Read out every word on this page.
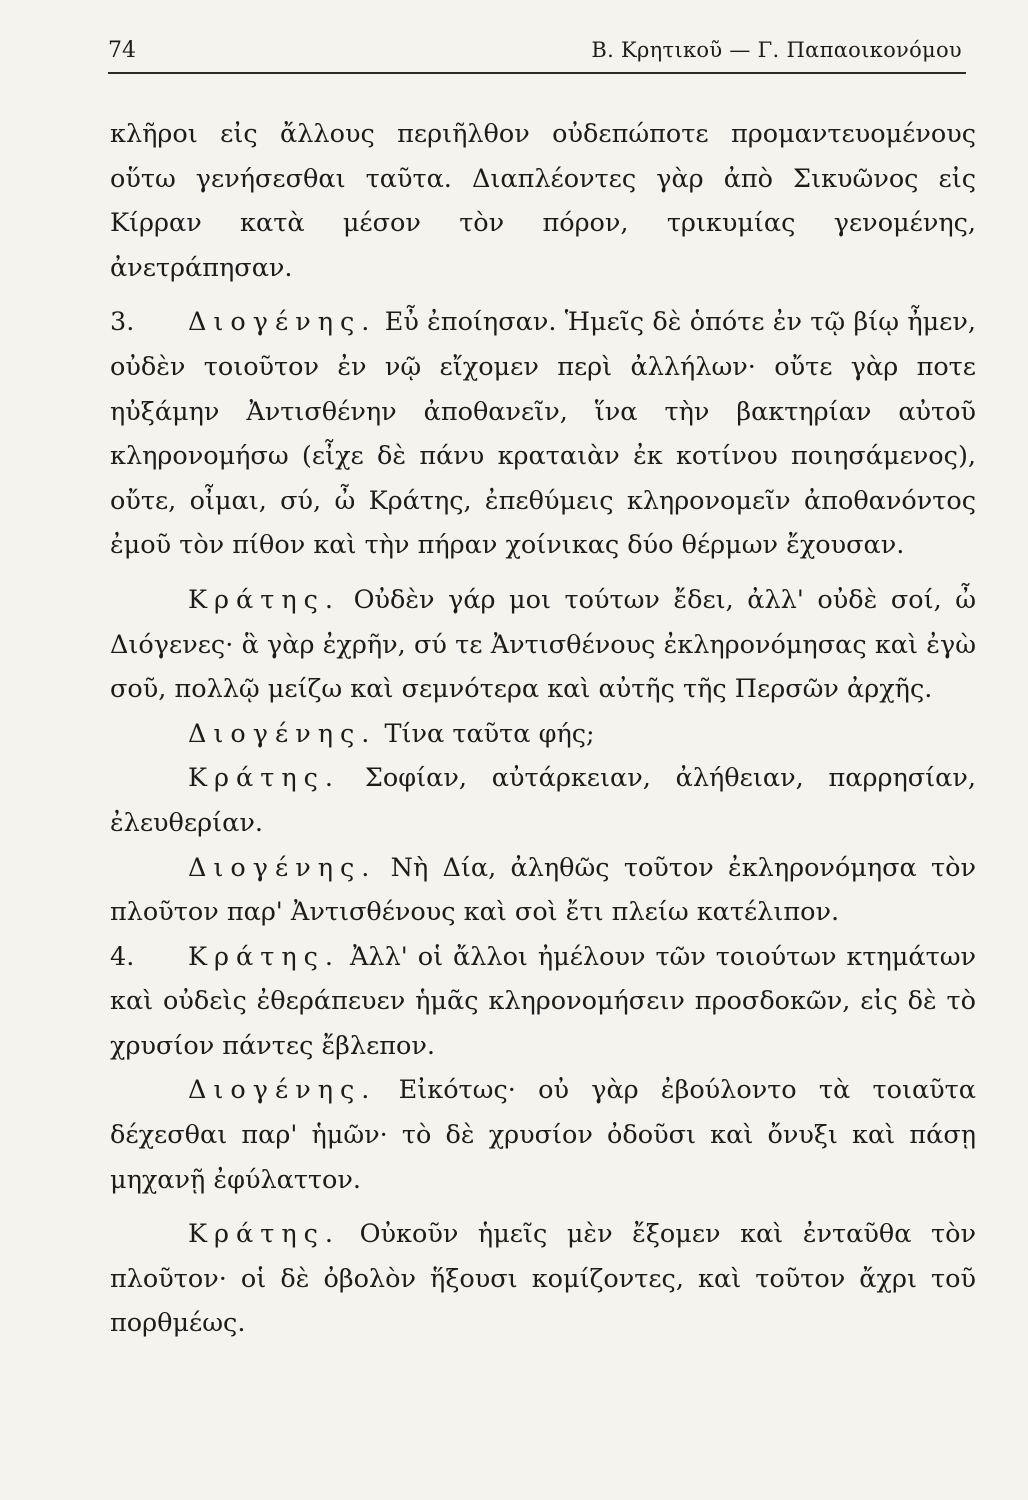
74	Β. Κρητικοῦ — Γ. Παπαοικονόμου

κλῆροι εἰς ἄλλους περιῆλθον οὐδεπώποτε προμαντευομένους οὕτω γενήσεσθαι ταῦτα. Διαπλέοντες γὰρ ἀπὸ Σικυῶνος εἰς Κίρραν κατὰ μέσον τὸν πόρον, τρικυμίας γενομένης, ἀνετράπησαν.

3. Διογένης. Εὖ ἐποίησαν. Ἡμεῖς δὲ ὁπότε ἐν τῷ βίῳ ἦμεν, οὐδὲν τοιοῦτον ἐν νῷ εἴχομεν περὶ ἀλλήλων· οὔτε γὰρ ποτε ηὐξάμην Ἀντισθένην ἀποθανεῖν, ἵνα τὴν βακτηρίαν αὐτοῦ κληρονομήσω (εἶχε δὲ πάνυ κραταιὰν ἐκ κοτίνου ποιησάμενος), οὔτε, οἶμαι, σύ, ὦ Κράτης, ἐπεθύμεις κληρονομεῖν ἀποθανόντος ἐμοῦ τὸν πίθον καὶ τὴν πήραν χοίνικας δύο θέρμων ἔχουσαν.

Κράτης. Οὐδὲν γάρ μοι τούτων ἔδει, ἀλλ' οὐδὲ σοί, ὦ Διόγενες· ἃ γὰρ ἐχρῆν, σύ τε Ἀντισθένους ἐκληρονόμησας καὶ ἐγὼ σοῦ, πολλῷ μείζω καὶ σεμνότερα καὶ αὐτῆς τῆς Περσῶν ἀρχῆς.

Διογένης. Τίνα ταῦτα φής;

Κράτης. Σοφίαν, αὐτάρκειαν, ἀλήθειαν, παρρησίαν, ἐλευθερίαν.

Διογένης. Νὴ Δία, ἀληθῶς τοῦτον ἐκληρονόμησα τὸν πλοῦτον παρ' Ἀντισθένους καὶ σοὶ ἔτι πλείω κατέλιπον.

4. Κράτης. Ἀλλ' οἱ ἄλλοι ἠμέλουν τῶν τοιούτων κτημάτων καὶ οὐδεὶς ἐθεράπευεν ἡμᾶς κληρονομήσειν προσδοκῶν, εἰς δὲ τὸ χρυσίον πάντες ἔβλεπον.

Διογένης. Εἰκότως· οὐ γὰρ ἐβούλοντο τὰ τοιαῦτα δέχεσθαι παρ' ἡμῶν· τὸ δὲ χρυσίον ὀδοῦσι καὶ ὄνυξι καὶ πάσῃ μηχανῇ ἐφύλαττον.

Κράτης. Οὐκοῦν ἡμεῖς μὲν ἔξομεν καὶ ἐνταῦθα τὸν πλοῦτον· οἱ δὲ ὀβολὸν ἥξουσι κομίζοντες, καὶ τοῦτον ἄχρι τοῦ πορθμέως.
